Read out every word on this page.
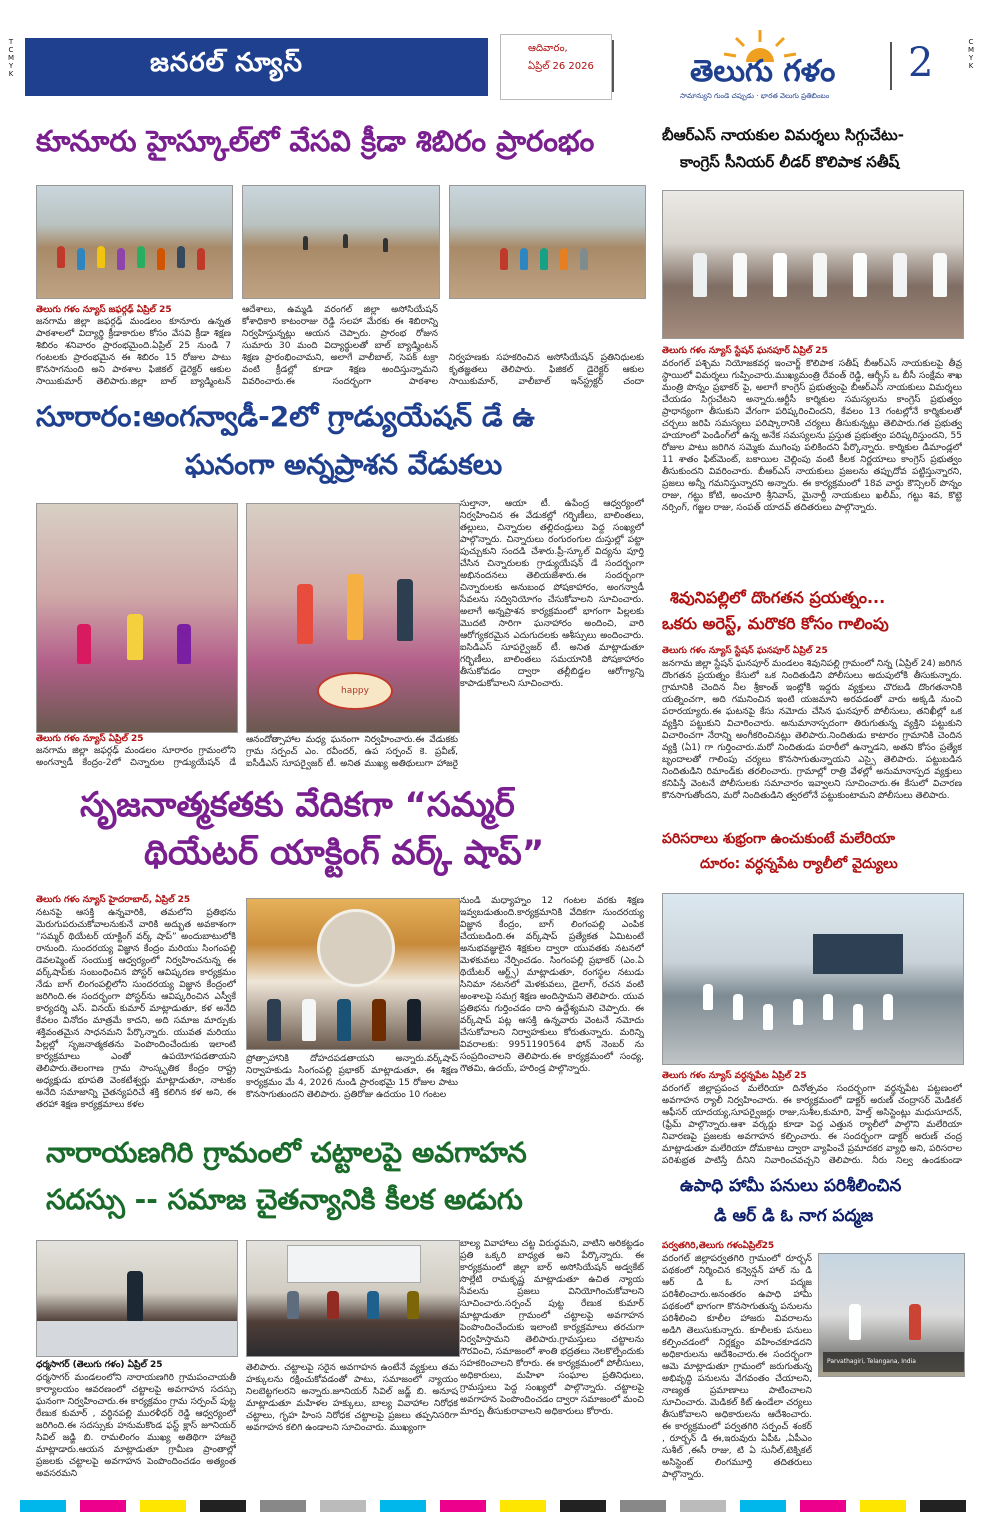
T C M Y K
C M Y K
జనరల్ న్యూస్	ఆదివారం,
ఏప్రిల్ 26 2026	తెలుగు గళం
సామాన్యుని గుండె చప్పుడు · భారత వెలుగు ప్రతిబింబం
2
కూనూరు హైస్కూల్‌లో వేసవి క్రీడా శిబిరం ప్రారంభం
తెలుగు గళం న్యూస్ జఫర్గఢ్ ఏప్రిల్ 25
జనగామ జిల్లా జఫర్గఢ్ మండలం కూనూరు ఉన్నత పాఠశాలలో విద్యార్థి క్రీడాకారుల కోసం వేసవి క్రీడా శిక్షణ శిబిరం శనివారం ప్రారంభమైంది.ఏప్రిల్ 25 నుండి 7 గంటలకు ప్రారంభమైన ఈ శిబిరం 15 రోజుల పాటు కొనసాగనుంది అని పాఠశాల ఫిజికల్ డైరెక్టర్ ఆకుల సాయికుమార్ తెలిపారు.జిల్లా బాల్ బ్యాడ్మింటన్
ఆదేశాలు, ఉమ్మడి వరంగల్ జిల్లా అసోసియేషన్ కోశాధికారి కాటంరాజు రెడ్డి సలహా మేరకు ఈ శిబిరాన్ని నిర్వహిస్తున్నట్లు ఆయన చెప్పారు. ప్రారంభ రోజున సుమారు 30 మంది విద్యార్థులతో బాల్ బ్యాడ్మింటన్ శిక్షణ ప్రారంభించామని, అలాగే వాలీబాల్, సెపక్ టక్రా వంటి క్రీడల్లో కూడా శిక్షణ అందిస్తున్నామని వివరించారు.ఈ సందర్భంగా పాఠశాల
నిర్వహణకు సహకరించిన అసోసియేషన్ ప్రతినిధులకు కృతజ్ఞతలు తెలిపారు. ఫిజికల్ డైరెక్టర్ ఆకుల సాయికుమార్, వాలీబాల్ ఇన్‌స్ట్రక్టర్ చందా
సూరారం:అంగన్వాడీ-2లో గ్రాడ్యుయేషన్ డే ఉ
ఘనంగా అన్నప్రాశన వేడుకలు
happy
తెలుగు గళం న్యూస్ ఏప్రిల్ 25
జనగామ జిల్లా జఫర్గఢ్ మండలం సూరారం గ్రామంలోని అంగన్వాడీ కేంద్రం-2లో చిన్నారుల గ్రాడ్యుయేషన్ డే
ఆనందోత్సాహాల మధ్య ఘనంగా నిర్వహించారు.ఈ వేడుకకు గ్రామ సర్పంచ్ ఎం. రవీందర్, ఉప సర్పంచ్ కె. ప్రవీణ్, ఐసీడీఎస్ సూపర్వైజర్ టీ. అనిత ముఖ్య అతిథులుగా హాజరై
సుల్తానా, ఆయా టీ. ఉపేంద్ర ఆధ్వర్యంలో నిర్వహించిన ఈ వేడుకల్లో గర్భిణీలు, బాలింతలు, తల్లులు, చిన్నారుల తల్లిదండ్రులు పెద్ద సంఖ్యలో పాల్గొన్నారు. చిన్నారులు రంగురంగుల దుస్తుల్లో పట్టా పుచ్చుకుని సందడి చేశారు.ప్రీ-స్కూల్ విద్యను పూర్తి చేసిన చిన్నారులకు గ్రాడ్యుయేషన్ డే సందర్భంగా అభినందనలు తెలియజేశారు.ఈ సందర్భంగా చిన్నారులకు అనుబంధ పోషకాహారం, అంగన్వాడీ సేవలను సద్వినియోగం చేసుకోవాలని సూచించారు. అలాగే అన్నప్రాశన కార్యక్రమంలో భాగంగా పిల్లలకు మొదటి సారిగా ఘనాహారం అందించి, వారి ఆరోగ్యకరమైన ఎదుగుదలకు ఆశీస్సులు అందించారు. ఐసిడిఎస్ సూపర్వైజర్ టీ. అనిత మాట్లాడుతూ గర్భిణీలు, బాలింతలు సమయానికి పోషకాహారం తీసుకోవడం ద్వారా తల్లీబిడ్డల ఆరోగ్యాన్ని కాపాడుకోవాలని సూచించారు.
సృజనాత్మకతకు వేదికగా “సమ్మర్
థియేటర్ యాక్టింగ్ వర్క్ షాప్”
తెలుగు గళం న్యూస్ హైదరాబాద్, ఏప్రిల్ 25
నటనపై ఆసక్తి ఉన్నవారికి, తమలోని ప్రతిభను మెరుగుపరుచుకోవాలనుకునే వారికి అద్భుత అవకాశంగా “సమ్మర్ థియేటర్ యాక్టింగ్ వర్క్ షాప్” అందుబాటులోకి రానుంది. సుందరయ్య విజ్ఞాన కేంద్రం మరియు సింగంపల్లి డెవలప్మెంట్ సంయుక్త ఆధ్వర్యంలో నిర్వహించనున్న ఈ వర్క్‌షాప్‌కు సంబంధించిన పోస్టర్ ఆవిష్కరణ కార్యక్రమం నేడు బాగ్ లింగంపల్లిలోని సుందరయ్య విజ్ఞాన కేంద్రంలో జరిగింది.ఈ సందర్భంగా పోస్టర్‌ను ఆవిష్కరించిన ఎస్వీకే కార్యదర్శి ఎస్. వినయ్ కుమార్ మాట్లాడుతూ, కళ అనేది కేవలం వినోదం మాత్రమే కాదని, అది సమాజ మార్పుకు శక్తివంతమైన సాధనమని పేర్కొన్నారు. యువత మరియు పిల్లల్లో సృజనాత్మకతను పెంపొందించేందుకు ఇలాంటి కార్యక్రమాలు ఎంతో ఉపయోగపడతాయని తెలిపారు.తెలంగాణ గ్రామ సాంస్కృతిక కేంద్రం రాష్ట్ర అధ్యక్షుడు భూపతి వెంకటేశ్వర్లు మాట్లాడుతూ, నాటకం అనేది సమాజాన్ని చైతన్యపరిచే శక్తి కలిగిన కళ అని, ఈ తరహా శిక్షణ కార్యక్రమాలు కళల
ప్రోత్సాహానికి దోహదపడతాయని అన్నారు.వర్క్‌షాప్ నిర్వాహకుడు సింగంపల్లి ప్రభాకర్ మాట్లాడుతూ, ఈ శిక్షణ కార్యక్రమం మే 4, 2026 నుండి ప్రారంభమై 15 రోజుల పాటు కొనసాగుతుందని తెలిపారు. ప్రతిరోజు ఉదయం 10 గంటల
నుండి మధ్యాహ్నం 12 గంటల వరకు శిక్షణ ఇవ్వబడుతుంది.కార్యక్రమానికి వేదికగా సుందరయ్య విజ్ఞాన కేంద్రం, బాగ్ లింగంపల్లి ఎంపిక చేయబడింది.ఈ వర్క్‌షాప్ ప్రత్యేకత ఏమిటంటే అనుభవజ్ఞులైన శిక్షకుల ద్వారా యువతకు నటనలో మెళకువలు నేర్పించడం. సింగంపల్లి ప్రభాకర్ (ఎం.ఏ థియేటర్ ఆర్ట్స్) మాట్లాడుతూ, రంగస్థల నటుడు సినిమా నటనలో మెళకువలు, డైలాగ్, రచన వంటి అంశాలపై సమగ్ర శిక్షణ అందిస్తామని తెలిపారు. యువ ప్రతిభను గుర్తించడం దాని ఉద్దేశ్యమని చెప్పారు. ఈ వర్క్‌షాప్ పట్ల ఆసక్తి ఉన్నవారు వెంటనే నమోదు చేసుకోవాలని నిర్వాహకులు కోరుతున్నారు. మరిన్ని వివరాలకు: 9951190564 ఫోన్ నెంబర్ ను సంప్రదించాలని తెలిపారు.ఈ కార్యక్రమంలో సంధ్య, గౌతమి, ఉదయ్, హరిండ్ర పాల్గొన్నారు.
నారాయణగిరి గ్రామంలో చట్టాలపై అవగాహన
సదస్సు -- సమాజ చైతన్యానికి కీలక అడుగు
ధర్మసాగర్ (తెలుగు గళం) ఏప్రిల్ 25
ధర్మసాగర్ మండలంలోని నారాయణగిరి గ్రామపంచాయతీ కార్యాలయం ఆవరణంలో చట్టాలపై అవగాహన సదస్సు ఘనంగా నిర్వహించారు.ఈ కార్యక్రమం గ్రామ సర్పంచ్ పుట్ట రేణుక కుమార్ , వర్ధినపల్లి మురళీధర్ రెడ్డి ఆధ్వర్యంలో జరిగింది.ఈ సదస్సుకు హనుమకొండ ఫస్ట్ క్లాస్ జూనియర్ సివిల్ జడ్జి బి. రామలింగం ముఖ్య అతిథిగా హాజరై మాట్లాడారు.ఆయన మాట్లాడుతూ గ్రామీణ ప్రాంతాల్లో ప్రజలకు చట్టాలపై అవగాహన పెంపొందించడం అత్యంత అవసరమని
తెలిపారు. చట్టాలపై సరైన అవగాహన ఉంటేనే వ్యక్తులు తమ హక్కులను రక్షించుకోవడంతో పాటు, సమాజంలో న్యాయం నిలబెట్టగలరని అన్నారు.జూనియర్ సివిల్ జడ్జ్ బి. అనూష మాట్లాడుతూ మహిళల హక్కులు, బాల్య వివాహాల నిరోధక చట్టాలు, గృహ హింస నిరోధక చట్టాలపై ప్రజలు తప్పనిసరిగా అవగాహన కలిగి ఉండాలని సూచించారు. ముఖ్యంగా
బాల్య వివాహాలు చట్ట విరుద్ధమని, వాటిని అరికట్టడం ప్రతి ఒక్కరి బాధ్యత అని పేర్కొన్నారు. ఈ కార్యక్రమంలో జిల్లా బార్ అసోసియేషన్ అడ్వకేట్ సొల్లేటి రామకృష్ణ మాట్లాడుతూ ఉచిత న్యాయ సేవలను ప్రజలు వినియోగించుకోవాలని సూచించారు.సర్పంచ్ పుట్ట రేణుక కుమార్ మాట్లాడుతూ గ్రామంలో చట్టాలపై అవగాహన పెంపొందించేందుకు ఇలాంటి కార్యక్రమాలు తరచుగా నిర్వహిస్తామని తెలిపారు.గ్రామస్తులు చట్టాలను గౌరవించి, సమాజంలో శాంతి భద్రతలు నెలకొల్పేందుకు సహకరించాలని కోరారు. ఈ కార్యక్రమంలో పోలీసులు, అధికారులు, మహిళా సంఘాల ప్రతినిధులు, గ్రామస్తులు పెద్ద సంఖ్యలో పాల్గొన్నారు. చట్టాలపై అవగాహన పెంపొందించడం ద్వారా సమాజంలో మంచి మార్పు తీసుకురావాలని అధికారులు కోరారు.
బీఆర్‌ఎస్ నాయకుల విమర్శలు సిగ్గుచేటు-
కాంగ్రెస్ సీనియర్ లీడర్ కొలిపాక సతీష్
తెలుగు గళం న్యూస్ స్టేషన్ ఘనపూర్ ఏప్రిల్ 25
వరంగల్ పశ్చిమ నియోజకవర్గ ఇంచార్జ్ కొలిపాక సతీష్ బీఆర్ఎస్ నాయకులపై తీవ్ర స్థాయిలో విమర్శలు గుప్పించారు.ముఖ్యమంత్రి రేవంత్ రెడ్డి, ఆర్బీస్ ఒ బీసీ సంక్షేమ శాఖ మంత్రి పొన్నం ప్రభాకర్ పై, అలాగే కాంగ్రెస్ ప్రభుత్వంపై బీఆర్ఎస్ నాయకులు విమర్శలు చేయడం సిగ్గుచేటని అన్నారు.ఆర్టీసీ కార్మికుల సమస్యలను కాంగ్రెస్ ప్రభుత్వం ప్రాధాన్యంగా తీసుకుని వేగంగా పరిష్కరించిందని, కేవలం 13 గంటల్లోనే కార్మికులతో చర్చలు జరిపి సమస్యలు పరిష్కారానికి చర్యలు తీసుకున్నట్లు తెలిపారు.గత ప్రభుత్వ హయాంలో పెండింగ్‌లో ఉన్న అనేక సమస్యలను ప్రస్తుత ప్రభుత్వం పరిష్కరిస్తుందని, 55 రోజుల పాటు జరిగిన సమ్మెకు ముగింపు పలికిందని పేర్కొన్నారు. కార్మికుల డిమాండ్లలో 11 శాతం ఫిట్‌మెంట్, బకాయిల చెల్లింపు వంటి కీలక నిర్ణయాలు కాంగ్రెస్ ప్రభుత్వం తీసుకుందని వివరించారు. బీఆర్ఎస్ నాయకులు ప్రజలను తప్పుదోవ పట్టిస్తున్నారని, ప్రజలు అన్నీ గమనిస్తున్నారని అన్నారు. ఈ కార్యక్రమంలో 18వ వార్డు కౌన్సిలర్ పొన్నం రాజు, గట్టు కోటి, అంచూరి శ్రీనివాస్, మైనార్టీ నాయకులు ఖలీమ్, గట్టు శివ, కొట్టె నర్సింగ్, గజ్జల రాజు, సంపత్ యాదవ్ తదితరులు పాల్గొన్నారు.
శివునిపల్లిలో దొంగతన ప్రయత్నం...
ఒకరు అరెస్ట్, మరొకరి కోసం గాలింపు
తెలుగు గళం న్యూస్ స్టేషన్ ఘనపూర్ ఏప్రిల్ 25
జనగామ జిల్లా స్టేషన్ ఘనపూర్ మండలం శివునిపల్లి గ్రామంలో నిన్న (ఏప్రిల్ 24) జరిగిన దొంగతన ప్రయత్నం కేసులో ఒక నిందితుడిని పోలీసులు అదుపులోకి తీసుకున్నారు. గ్రామానికి చెందిన నీల శ్రీకాంత్ ఇంట్లోకి ఇద్దరు వ్యక్తులు చొరబడి దొంగతనానికి యత్నించగా, అది గమనించిన ఇంటి యజమాని అరవడంతో వారు అక్కడి నుంచి పరారయ్యారు.ఈ ఘటనపై కేసు నమోదు చేసిన ఘనపూర్ పోలీసులు, తనిఖీల్లో ఒక వ్యక్తిని పట్టుకుని విచారించారు. అనుమానాస్పదంగా తిరుగుతున్న వ్యక్తిని పట్టుకుని విచారించగా నేరాన్ని అంగీకరించినట్లు తెలిపారు.నిందితుడు కాటారం గ్రామానికి చెందిన వ్యక్తి (ఏ1) గా గుర్తించారు.మరో నిందితుడు పరారీలో ఉన్నాడని, అతని కోసం ప్రత్యేక బృందాలతో గాలింపు చర్యలు కొనసాగుతున్నాయని ఎస్సై తెలిపారు. పట్టుబడిన నిందితుడిని రిమాండ్‌కు తరలించారు. గ్రామాల్లో రాత్రి వేళల్లో అనుమానాస్పద వ్యక్తులు కనిపిస్తే వెంటనే పోలీసులకు సమాచారం ఇవ్వాలని సూచించారు.ఈ కేసులో విచారణ కొనసాగుతోందని, మరో నిందితుడిని త్వరలోనే పట్టుకుంటామని పోలీసులు తెలిపారు.
పరిసరాలు శుభ్రంగా ఉంచుకుంటే మలేరియా
దూరం: వర్ధన్నపేట ర్యాలీలో వైద్యులు
తెలుగు గళం న్యూస్ వర్ధన్నపేట ఏప్రిల్ 25
వరంగల్ జిల్లాప్రపంచ మలేరియా దినోత్సవం సందర్భంగా వర్ధన్నపేట పట్టణంలో అవగాహన ర్యాలీ నిర్వహించారు. ఈ కార్యక్రమంలో డాక్టర్ అరుణ్ చంద్రాసర్ మెడికల్ ఆఫీసర్ యాదయ్య,సూపర్వైజర్లు రాజు,సుశీల,కుమారి, హెల్త్ అసిస్టెంట్లు మధుసూదన్, (ఫ్రేమ్ పాల్గొన్నారు.ఆశా వర్కర్లు కూడా పెద్ద ఎత్తున ర్యాలీలో పాల్గొని మలేరియా నివారణపై ప్రజలకు అవగాహన కల్పించారు. ఈ సందర్భంగా డాక్టర్ అరుణ్ చంద్ర మాట్లాడుతూ మలేరియా దోమకాటు ద్వారా వ్యాపించే ప్రమాదకర వ్యాధి అని, పరిసరాల పరిశుభ్రత పాటిస్తే దీనిని నివారించవచ్చని తెలిపారు. నీరు నిల్వ ఉండకుండా
ఉపాధి హామీ పనులు పరిశీలించిన
డి ఆర్ డి ఓ నాగ పద్మజ
పర్వతగిరి,తెలుగు గళంఏప్రిల్25
వరంగల్ జిల్లాపర్వతగిరి గ్రామంలో రూర్బన్ పథకంలో నిర్మించిన కన్వెన్షన్ హాల్ ను డి ఆర్ డి ఓ నాగ పద్మజ పరిశీలించారు.అనంతరం ఉపాధి హామీ పథకంలో భాగంగా కొనసాగుతున్న పనులను పరిశీలించి కూలీల హాజరు వివరాలను అడిగి తెలుసుకున్నారు. కూలీలకు పనులు కల్పించడంలో నిర్లక్ష్యం వహించకూడదని అధికారులను ఆదేశించారు.ఈ సందర్భంగా ఆమె మాట్లాడుతూ గ్రామంలో జరుగుతున్న అభివృద్ధి పనులను వేగవంతం చేయాలని, నాణ్యత ప్రమాణాలు పాటించాలని సూచించారు. మెడికల్ కిట్ ఉండేలా చర్యలు తీసుకోవాలని అధికారులను ఆదేశించారు. ఈ కార్యక్రమంలో పర్వతగిరి సర్పంచ్ శంకర్ , రూర్బన్ డి ఈ,ఇరువురు ఏపీఓ ,ఏపీఎం సుశీల్ ,ఈసీ రాజు, టి ఏ సునీల్,టెక్నికల్ అసిస్టెంట్ లింగమూర్తి తదితరులు పాల్గొన్నారు.
Parvathagiri, Telangana, India
